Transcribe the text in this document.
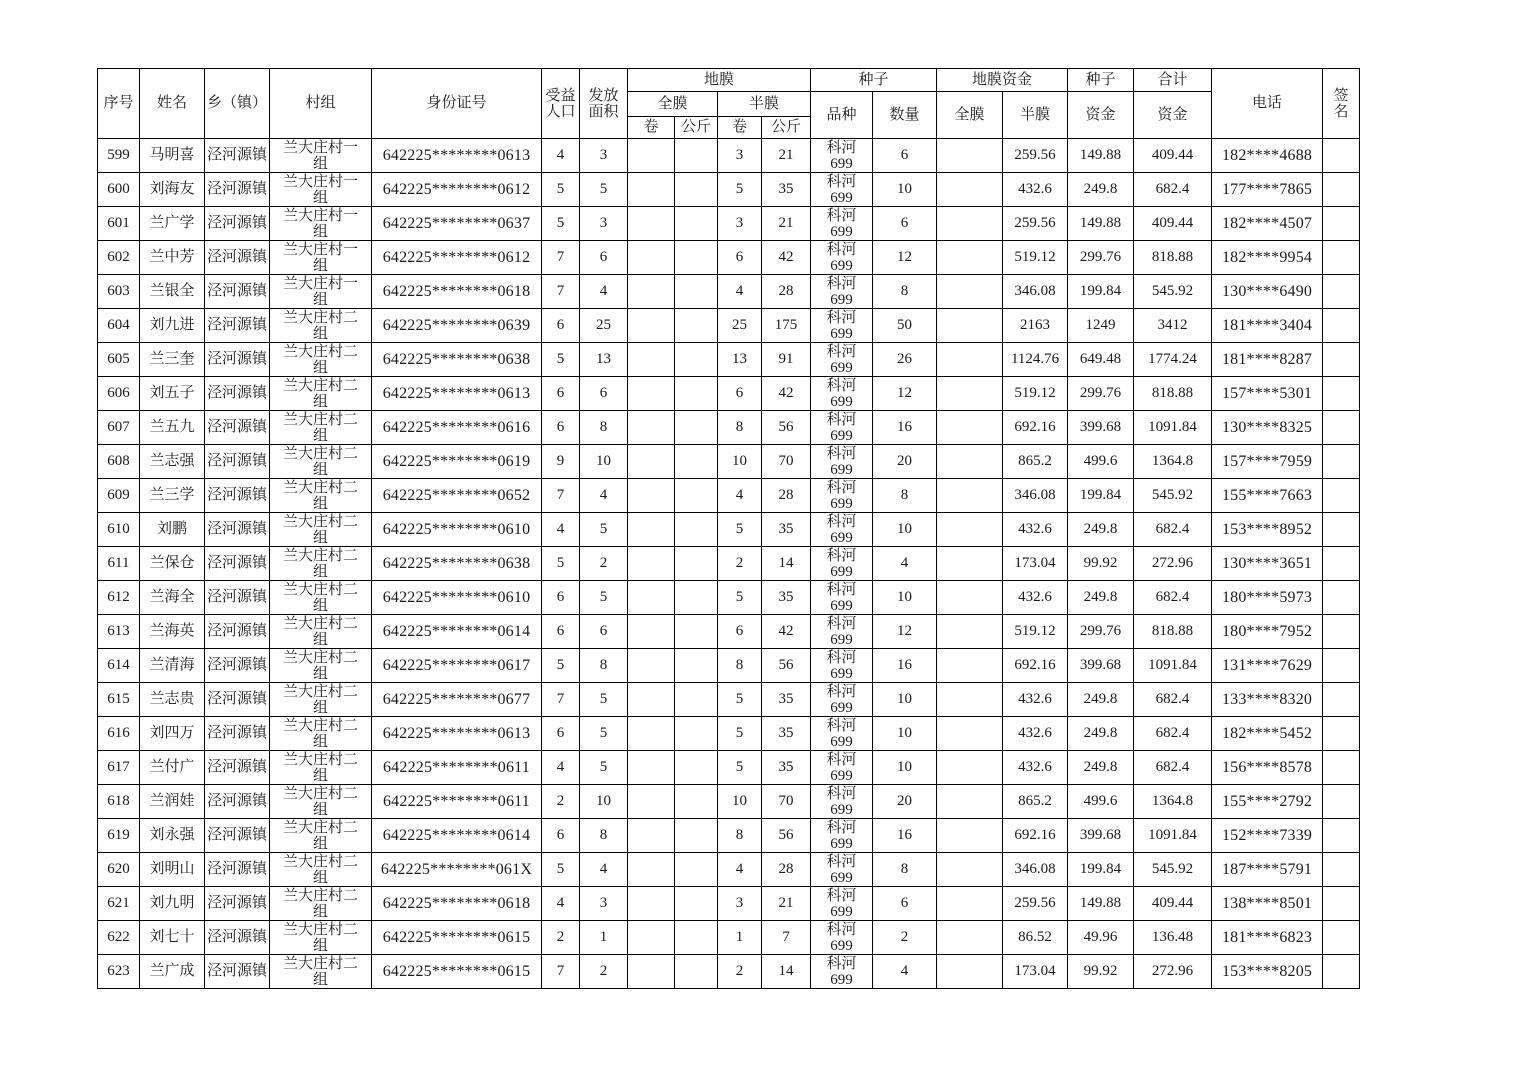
序号	姓名	乡（镇）	村组	身份证号	受益人口	发放面积	地膜				种子		地膜资金		种子	合计	电话	签名
							全膜		半膜		品种	数量	全膜	半膜	资金	资金		
							卷	公斤	卷	公斤								
599	马明喜	泾河源镇	兰大庄村一组	642225********0613	4	3			3	21	科河699	6		259.56	149.88	409.44	182****4688	
600	刘海友	泾河源镇	兰大庄村一组	642225********0612	5	5			5	35	科河699	10		432.6	249.8	682.4	177****7865	
601	兰广学	泾河源镇	兰大庄村一组	642225********0637	5	3			3	21	科河699	6		259.56	149.88	409.44	182****4507	
602	兰中芳	泾河源镇	兰大庄村一组	642225********0612	7	6			6	42	科河699	12		519.12	299.76	818.88	182****9954	
603	兰银全	泾河源镇	兰大庄村一组	642225********0618	7	4			4	28	科河699	8		346.08	199.84	545.92	130****6490	
604	刘九进	泾河源镇	兰大庄村二组	642225********0639	6	25			25	175	科河699	50		2163	1249	3412	181****3404	
605	兰三奎	泾河源镇	兰大庄村二组	642225********0638	5	13			13	91	科河699	26		1124.76	649.48	1774.24	181****8287	
606	刘五子	泾河源镇	兰大庄村二组	642225********0613	6	6			6	42	科河699	12		519.12	299.76	818.88	157****5301	
607	兰五九	泾河源镇	兰大庄村二组	642225********0616	6	8			8	56	科河699	16		692.16	399.68	1091.84	130****8325	
608	兰志强	泾河源镇	兰大庄村二组	642225********0619	9	10			10	70	科河699	20		865.2	499.6	1364.8	157****7959	
609	兰三学	泾河源镇	兰大庄村二组	642225********0652	7	4			4	28	科河699	8		346.08	199.84	545.92	155****7663	
610	刘鹏	泾河源镇	兰大庄村二组	642225********0610	4	5			5	35	科河699	10		432.6	249.8	682.4	153****8952	
611	兰保仓	泾河源镇	兰大庄村二组	642225********0638	5	2			2	14	科河699	4		173.04	99.92	272.96	130****3651	
612	兰海全	泾河源镇	兰大庄村二组	642225********0610	6	5			5	35	科河699	10		432.6	249.8	682.4	180****5973	
613	兰海英	泾河源镇	兰大庄村二组	642225********0614	6	6			6	42	科河699	12		519.12	299.76	818.88	180****7952	
614	兰清海	泾河源镇	兰大庄村二组	642225********0617	5	8			8	56	科河699	16		692.16	399.68	1091.84	131****7629	
615	兰志贵	泾河源镇	兰大庄村二组	642225********0677	7	5			5	35	科河699	10		432.6	249.8	682.4	133****8320	
616	刘四万	泾河源镇	兰大庄村二组	642225********0613	6	5			5	35	科河699	10		432.6	249.8	682.4	182****5452	
617	兰付广	泾河源镇	兰大庄村二组	642225********0611	4	5			5	35	科河699	10		432.6	249.8	682.4	156****8578	
618	兰润娃	泾河源镇	兰大庄村二组	642225********0611	2	10			10	70	科河699	20		865.2	499.6	1364.8	155****2792	
619	刘永强	泾河源镇	兰大庄村二组	642225********0614	6	8			8	56	科河699	16		692.16	399.68	1091.84	152****7339	
620	刘明山	泾河源镇	兰大庄村二组	642225********061X	5	4			4	28	科河699	8		346.08	199.84	545.92	187****5791	
621	刘九明	泾河源镇	兰大庄村二组	642225********0618	4	3			3	21	科河699	6		259.56	149.88	409.44	138****8501	
622	刘七十	泾河源镇	兰大庄村二组	642225********0615	2	1			1	7	科河699	2		86.52	49.96	136.48	181****6823	
623	兰广成	泾河源镇	兰大庄村二组	642225********0615	7	2			2	14	科河699	4		173.04	99.92	272.96	153****8205	
